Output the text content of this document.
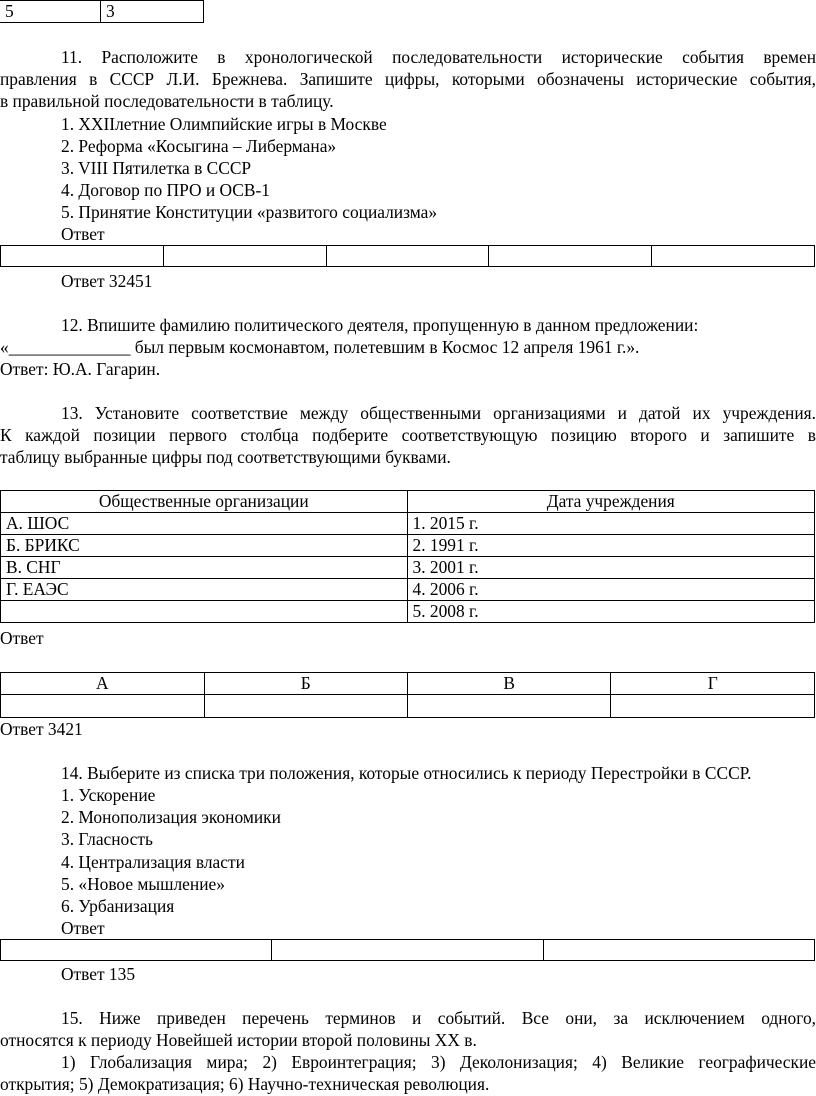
5	3
11. Расположите в хронологической последовательности исторические события времен
правления в СССР Л.И. Брежнева. Запишите цифры, которыми обозначены исторические события,
в правильной последовательности в таблицу.
1. XXIIлетние Олимпийские игры в Москве
2. Реформа «Косыгина – Либермана»
3. VIII Пятилетка в СССР
4. Договор по ПРО и ОСВ-1
5. Принятие Конституции «развитого социализма»
Ответ

Ответ 32451
12. Впишите фамилию политического деятеля, пропущенную в данном предложении:
«______________ был первым космонавтом, полетевшим в Космос 12 апреля 1961 г.».
Ответ: Ю.А. Гагарин.
13. Установите соответствие между общественными организациями и датой их учреждения.
К каждой позиции первого столбца подберите соответствующую позицию второго и запишите в
таблицу выбранные цифры под соответствующими буквами.
Общественные организации	Дата учреждения
А. ШОС	1. 2015 г.
Б. БРИКС	2. 1991 г.
В. СНГ	3. 2001 г.
Г. ЕАЭС	4. 2006 г.
	5. 2008 г.
Ответ
А	Б	В	Г

Ответ 3421
14. Выберите из списка три положения, которые относились к периоду Перестройки в СССР.
1. Ускорение
2. Монополизация экономики
3. Гласность
4. Централизация власти
5. «Новое мышление»
6. Урбанизация
Ответ

Ответ 135
15. Ниже приведен перечень терминов и событий. Все они, за исключением одного,
относятся к периоду Новейшей истории второй половины XX в.
1) Глобализация мира; 2) Евроинтеграция; 3) Деколонизация; 4) Великие географические
открытия; 5) Демократизация; 6) Научно-техническая революция.
